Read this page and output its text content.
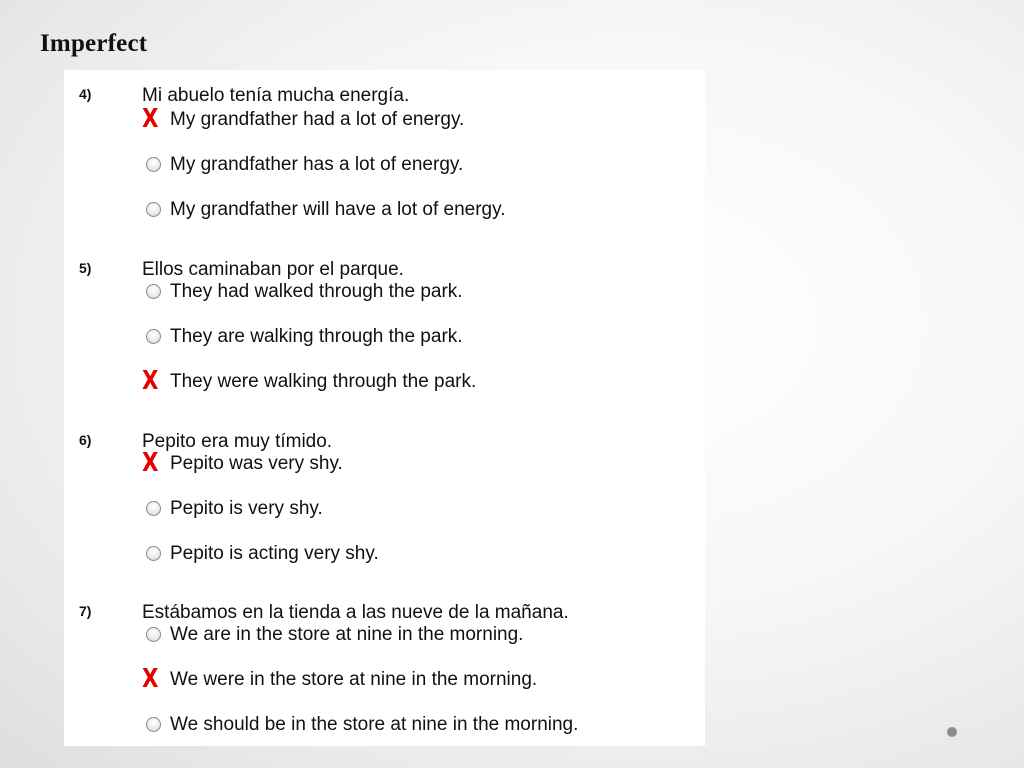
Imperfect
4)	Mi abuelo tenía mucha energía.
X My grandfather had a lot of energy.
My grandfather has a lot of energy.
My grandfather will have a lot of energy.
5)	Ellos caminaban por el parque.
They had walked through the park.
They are walking through the park.
X They were walking through the park.
6)	Pepito era muy tímido.
X Pepito was very shy.
Pepito is very shy.
Pepito is acting very shy.
7)	Estábamos en la tienda a las nueve de la mañana.
We are in the store at nine in the morning.
X We were in the store at nine in the morning.
We should be in the store at nine in the morning.
